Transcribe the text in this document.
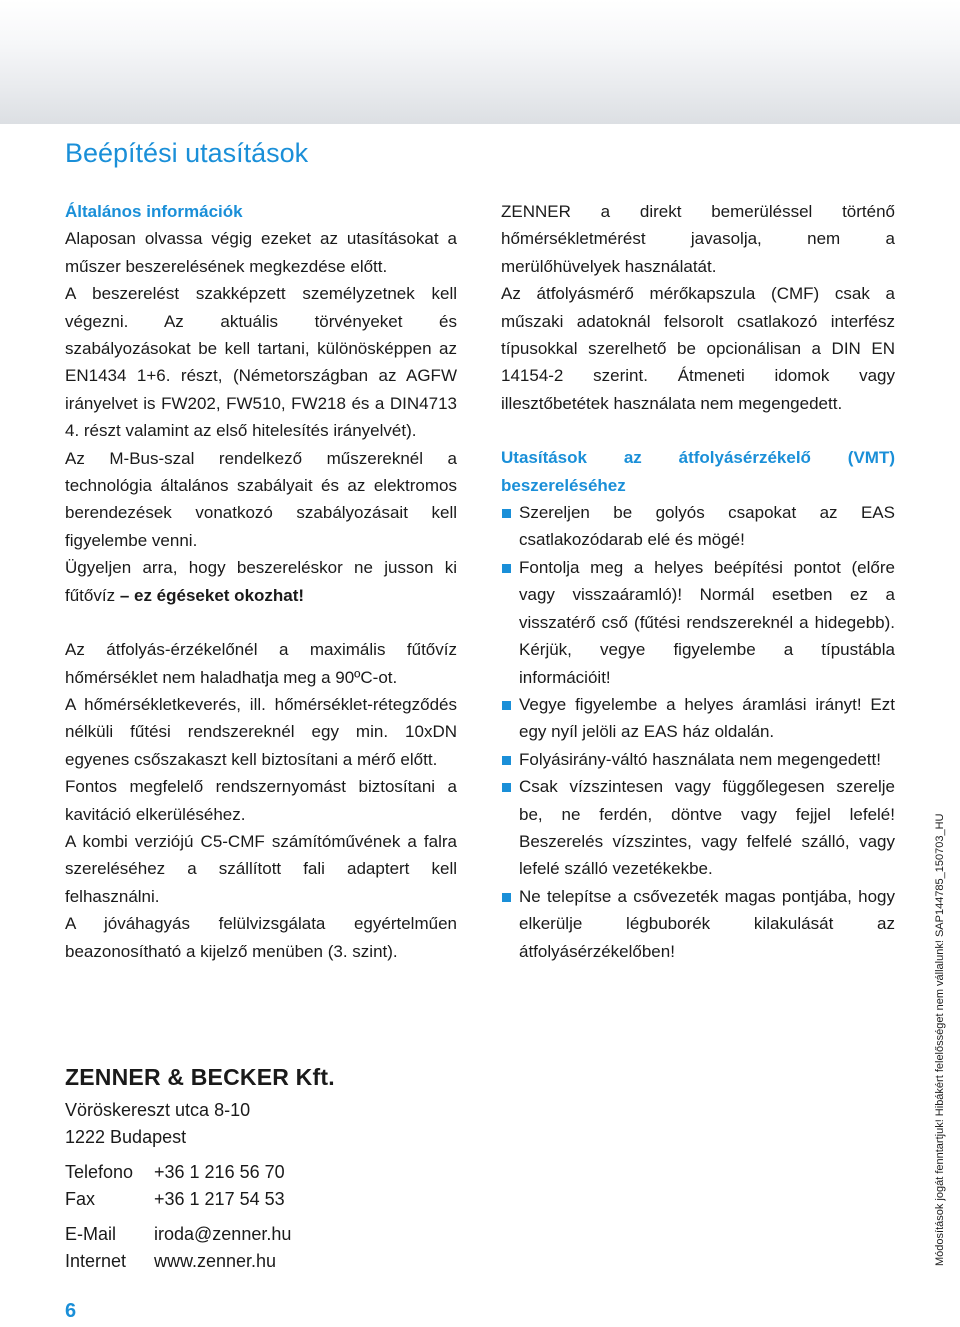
Beépítési utasítások

Általános információk

Alaposan olvassa végig ezeket az utasításokat a műszer beszerelésének megkezdése előtt.

A beszerelést szakképzett személyzetnek kell végezni. Az aktuális törvényeket és szabályozásokat be kell tartani, különösképpen az EN1434 1+6. részt, (Németországban az AGFW irányelvet is FW202, FW510, FW218 és a DIN4713 4. részt valamint az első hitelesítés irányelvét).

Az M-Bus-szal rendelkező műszereknél a technológia általános szabályait és az elektromos berendezések vonatkozó szabályozásait kell figyelembe venni.

Ügyeljen arra, hogy beszereléskor ne jusson ki fűtővíz – ez égéseket okozhat!

Az átfolyás-érzékelőnél a maximális fűtővíz hőmérséklet nem haladhatja meg a 90ºC-ot.

A hőmérsékletkeverés, ill. hőmérséklet-rétegződés nélküli fűtési rendszereknél egy min. 10xDN egyenes csőszakaszt kell biztosítani a mérő előtt.

Fontos megfelelő rendszernyomást biztosítani a kavitáció elkerüléséhez.

A kombi verziójú C5-CMF számítóművének a falra szereléséhez a szállított fali adaptert kell felhasználni.

A jóváhagyás felülvizsgálata egyértelműen beazonosítható a kijelző menüben (3. szint).

ZENNER a direkt bemerüléssel történő hőmérsékletmérést javasolja, nem a merülőhüvelyek használatát.

Az átfolyásmérő mérőkapszula (CMF) csak a műszaki adatoknál felsorolt csatlakozó interfész típusokkal szerelhető be opcionálisan a DIN EN 14154-2 szerint. Átmeneti idomok vagy illesztőbetétek használata nem megengedett.

Utasítások az átfolyásérzékelő (VMT) beszereléséhez

Szereljen be golyós csapokat az EAS csatlakozódarab elé és mögé!
Fontolja meg a helyes beépítési pontot (előre vagy visszaáramló)! Normál esetben ez a visszatérő cső (fűtési rendszereknél a hidegebb). Kérjük, vegye figyelembe a típustábla információit!
Vegye figyelembe a helyes áramlási irányt! Ezt egy nyíl jelöli az EAS ház oldalán.
Folyásirány-váltó használata nem megengedett!
Csak vízszintesen vagy függőlegesen szerelje be, ne ferdén, döntve vagy fejjel lefelé! Beszerelés vízszintes, vagy felfelé szálló, vagy lefelé szálló vezetékekbe.
Ne telepítse a csővezeték magas pontjába, hogy elkerülje légbuborék kilakulását az átfolyásérzékelőben!

ZENNER & BECKER Kft.

Vöröskereszt utca 8-10

1222 Budapest

Telefono	+36 1 216 56 70
Fax	+36 1 217 54 53
E-Mail	iroda@zenner.hu
Internet	www.zenner.hu
6
Módosítások jogát fenntartjuk! Hibákért felelősséget nem vállalunk! SAP144785_150703_HU
